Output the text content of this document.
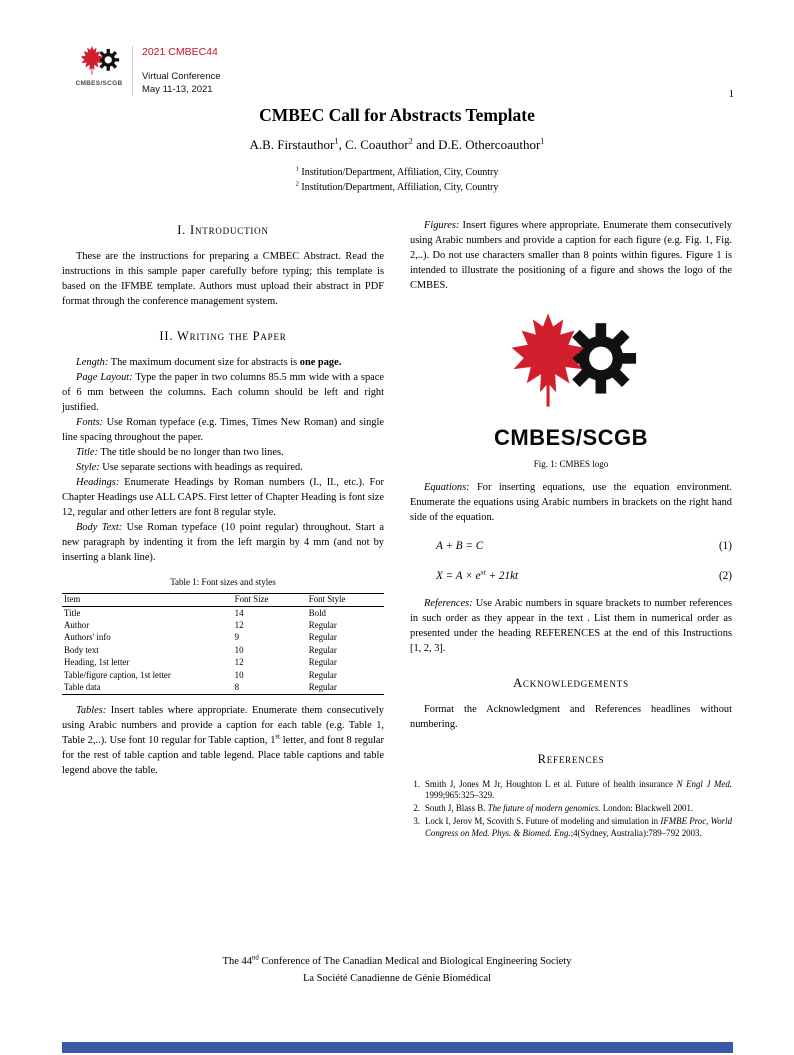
CMBES/SCGB
2021 CMBEC44
Virtual Conference
May 11-13, 2021	1
CMBEC Call for Abstracts Template
A.B. Firstauthor$^1$, C. Coauthor$^2$ and D.E. Othercoauthor$^1$
$^1$ Institution/Department, Affiliation, City, Country
$^2$ Institution/Department, Affiliation, City, Country
I. Introduction

These are the instructions for preparing a CMBEC Abstract. Read the instructions in this sample paper carefully before typing; this template is based on the IFMBE template. Authors must upload their abstract in PDF format through the conference management system.

II. Writing the Paper

Length: The maximum document size for abstracts is one page.

Page Layout: Type the paper in two columns 85.5 mm wide with a space of 6 mm between the columns. Each column should be left and right justified.

Fonts: Use Roman typeface (e.g. Times, Times New Roman) and single line spacing throughout the paper.

Title: The title should be no longer than two lines.

Style: Use separate sections with headings as required.

Headings: Enumerate Headings by Roman numbers (I., II., etc.). For Chapter Headings use ALL CAPS. First letter of Chapter Heading is font size 12, regular and other letters are font 8 regular style.

Body Text: Use Roman typeface (10 point regular) throughout. Start a new paragraph by indenting it from the left margin by 4 mm (and not by inserting a blank line).

Table 1: Font sizes and styles
Item	Font Size	Font Style
Title	14	Bold
Author	12	Regular
Authors' info	9	Regular
Body text	10	Regular
Heading, 1st letter	12	Regular
Table/figure caption, 1st letter	10	Regular
Table data	8	Regular

Tables: Insert tables where appropriate. Enumerate them consecutively using Arabic numbers and provide a caption for each table (e.g. Table 1, Table 2,..). Use font 10 regular for Table caption, 1st letter, and font 8 regular for the rest of table caption and table legend. Place table captions and table legend above the table.

Figures: Insert figures where appropriate. Enumerate them consecutively using Arabic numbers and provide a caption for each figure (e.g. Fig. 1, Fig. 2,..). Do not use characters smaller than 8 points within figures. Figure 1 is intended to illustrate the positioning of a figure and shows the logo of the CMBES.

CMBES/SCGB
Fig. 1: CMBES logo

Equations: For inserting equations, use the equation environment. Enumerate the equations using Arabic numbers in brackets on the right hand side of the equation.

A + B = C	(1)
$X = A \times e^{xt} + 21kt$	(2)

References: Use Arabic numbers in square brackets to number references in such order as they appear in the text . List them in numerical order as presented under the heading REFERENCES at the end of this Instructions [1, 2, 3].

Acknowledgements

Format the Acknowledgment and References headlines without numbering.

References
1. Smith J, Jones M Jr, Houghton L et al. Future of health insurance N Engl J Med. 1999;965:325–329.
2. South J, Blass B. The future of modern genomics. London: Blackwell 2001.
3. Lock I, Jerov M, Scovith S. Future of modeling and simulation in IFMBE Proc, World Congress on Med. Phys. & Biomed. Eng.;4(Sydney, Australia):789–792 2003.
The 44nd Conference of The Canadian Medical and Biological Engineering Society
La Société Canadienne de Génie Biomédical
